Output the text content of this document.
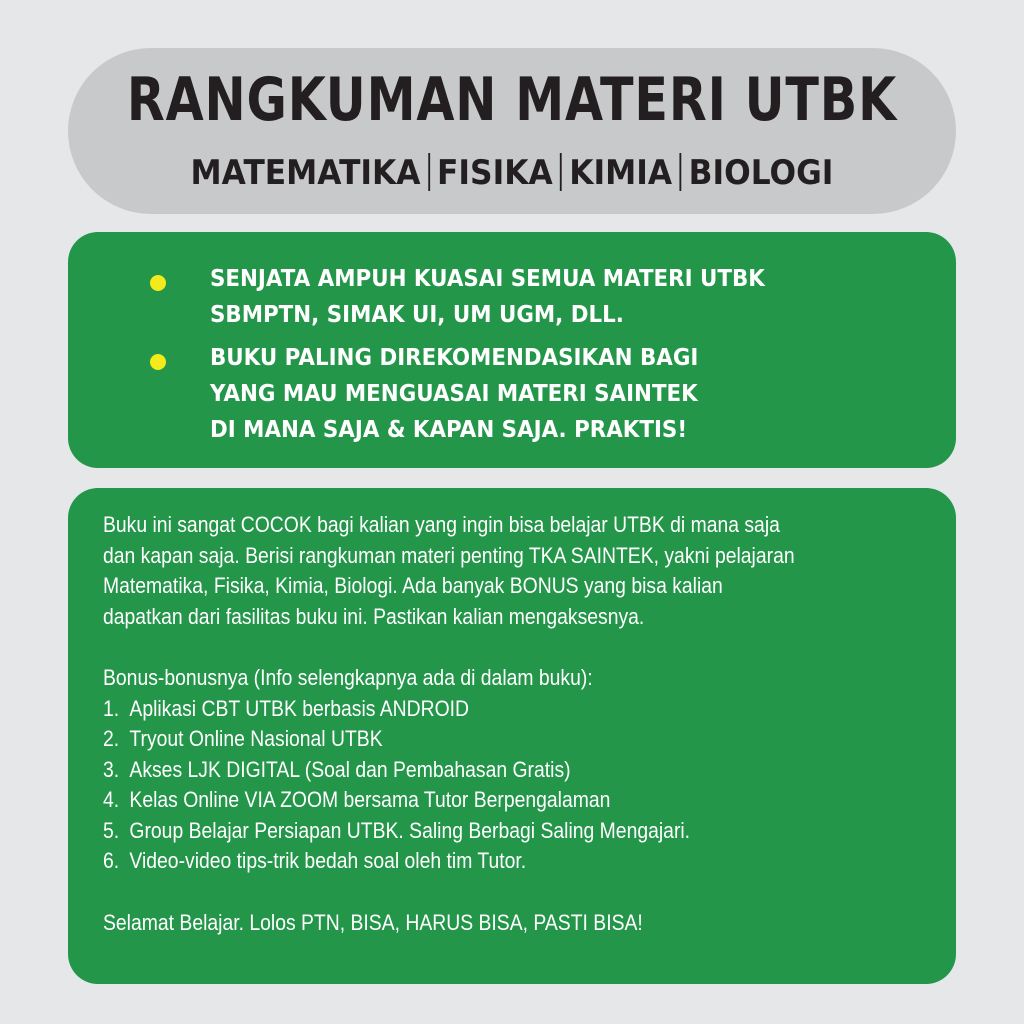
RANGKUMAN MATERI UTBK
MATEMATIKA FISIKA KIMIA BIOLOGI
SENJATA AMPUH KUASAI SEMUA MATERI UTBK
SBMPTN, SIMAK UI, UM UGM, DLL.
BUKU PALING DIREKOMENDASIKAN BAGI
YANG MAU MENGUASAI MATERI SAINTEK
DI MANA SAJA & KAPAN SAJA. PRAKTIS!
Buku ini sangat COCOK bagi kalian yang ingin bisa belajar UTBK di mana saja
dan kapan saja. Berisi rangkuman materi penting TKA SAINTEK, yakni pelajaran
Matematika, Fisika, Kimia, Biologi. Ada banyak BONUS yang bisa kalian
dapatkan dari fasilitas buku ini. Pastikan kalian mengaksesnya.
Bonus-bonusnya (Info selengkapnya ada di dalam buku):
1. Aplikasi CBT UTBK berbasis ANDROID
2. Tryout Online Nasional UTBK
3. Akses LJK DIGITAL (Soal dan Pembahasan Gratis)
4. Kelas Online VIA ZOOM bersama Tutor Berpengalaman
5. Group Belajar Persiapan UTBK. Saling Berbagi Saling Mengajari.
6. Video-video tips-trik bedah soal oleh tim Tutor.
Selamat Belajar. Lolos PTN, BISA, HARUS BISA, PASTI BISA!
